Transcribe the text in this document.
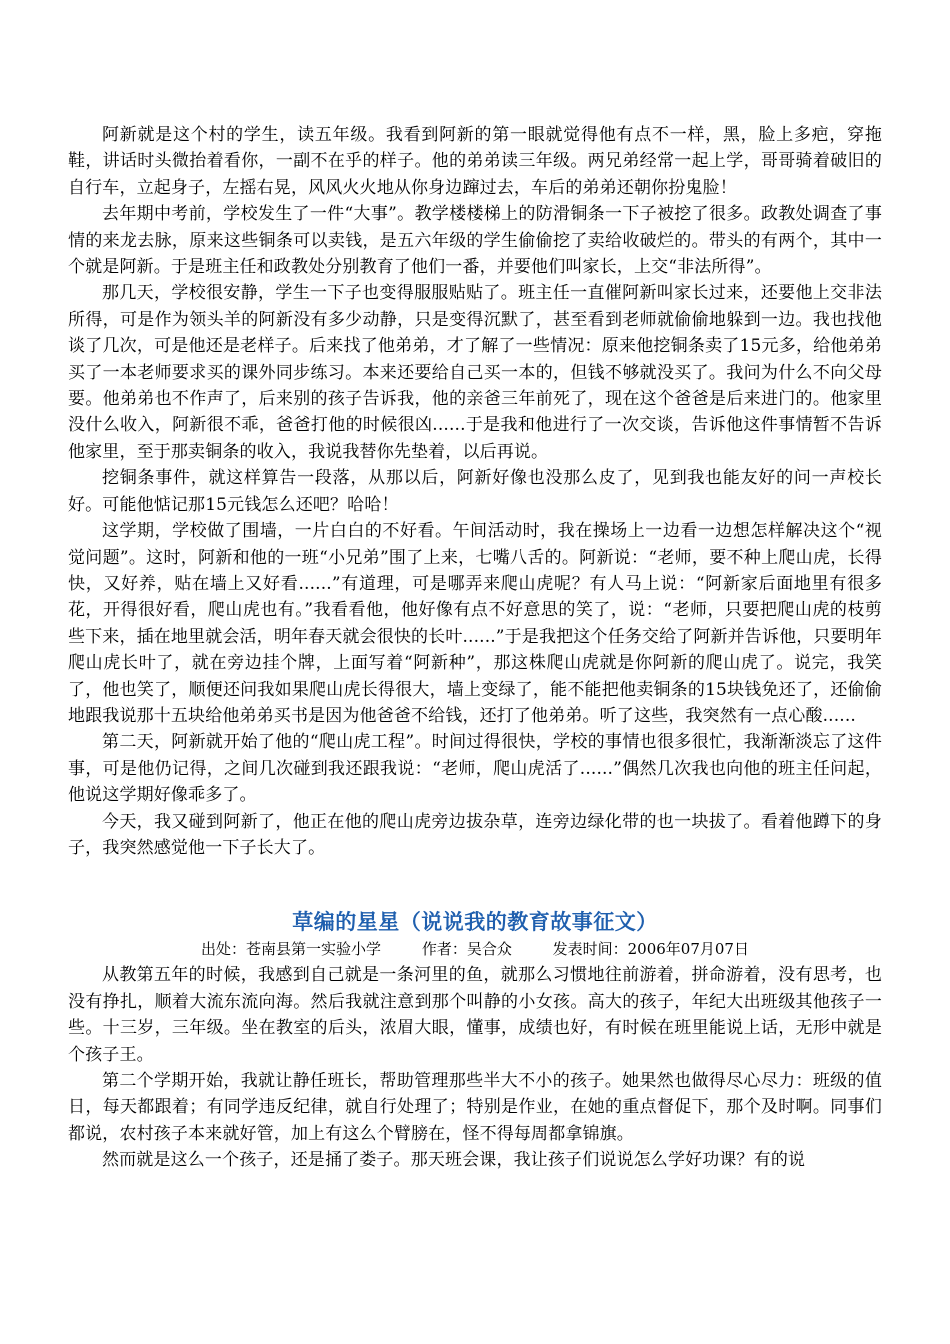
阿新就是这个村的学生，读五年级。我看到阿新的第一眼就觉得他有点不一样，黑，脸上多疤，穿拖鞋，讲话时头微抬着看你，一副不在乎的样子。他的弟弟读三年级。两兄弟经常一起上学，哥哥骑着破旧的自行车，立起身子，左摇右晃，风风火火地从你身边蹿过去，车后的弟弟还朝你扮鬼脸！

去年期中考前，学校发生了一件“大事”。教学楼楼梯上的防滑铜条一下子被挖了很多。政教处调查了事情的来龙去脉，原来这些铜条可以卖钱，是五六年级的学生偷偷挖了卖给收破烂的。带头的有两个，其中一个就是阿新。于是班主任和政教处分别教育了他们一番，并要他们叫家长，上交“非法所得”。

那几天，学校很安静，学生一下子也变得服服贴贴了。班主任一直催阿新叫家长过来，还要他上交非法所得，可是作为领头羊的阿新没有多少动静，只是变得沉默了，甚至看到老师就偷偷地躲到一边。我也找他谈了几次，可是他还是老样子。后来找了他弟弟，才了解了一些情况：原来他挖铜条卖了15元多，给他弟弟买了一本老师要求买的课外同步练习。本来还要给自己买一本的，但钱不够就没买了。我问为什么不向父母要。他弟弟也不作声了，后来别的孩子告诉我，他的亲爸三年前死了，现在这个爸爸是后来进门的。他家里没什么收入，阿新很不乖，爸爸打他的时候很凶......于是我和他进行了一次交谈，告诉他这件事情暂不告诉他家里，至于那卖铜条的收入，我说我替你先垫着，以后再说。

挖铜条事件，就这样算告一段落，从那以后，阿新好像也没那么皮了，见到我也能友好的问一声校长好。可能他惦记那15元钱怎么还吧？哈哈！

这学期，学校做了围墙，一片白白的不好看。午间活动时，我在操场上一边看一边想怎样解决这个“视觉问题”。这时，阿新和他的一班“小兄弟”围了上来，七嘴八舌的。阿新说：“老师，要不种上爬山虎，长得快，又好养，贴在墙上又好看......”有道理，可是哪弄来爬山虎呢？有人马上说：“阿新家后面地里有很多花，开得很好看，爬山虎也有。”我看看他，他好像有点不好意思的笑了，说：“老师，只要把爬山虎的枝剪些下来，插在地里就会活，明年春天就会很快的长叶......”于是我把这个任务交给了阿新并告诉他，只要明年爬山虎长叶了，就在旁边挂个牌，上面写着“阿新种”，那这株爬山虎就是你阿新的爬山虎了。说完，我笑了，他也笑了，顺便还问我如果爬山虎长得很大，墙上变绿了，能不能把他卖铜条的15块钱免还了，还偷偷地跟我说那十五块给他弟弟买书是因为他爸爸不给钱，还打了他弟弟。听了这些，我突然有一点心酸......

第二天，阿新就开始了他的“爬山虎工程”。时间过得很快，学校的事情也很多很忙，我渐渐淡忘了这件事，可是他仍记得，之间几次碰到我还跟我说：“老师，爬山虎活了......”偶然几次我也向他的班主任问起，他说这学期好像乖多了。

今天，我又碰到阿新了，他正在他的爬山虎旁边拔杂草，连旁边绿化带的也一块拔了。看着他蹲下的身子，我突然感觉他一下子长大了。

草编的星星（说说我的教育故事征文）

出处：苍南县第一实验小学	作者：吴合众	发表时间：2006年07月07日

从教第五年的时候，我感到自己就是一条河里的鱼，就那么习惯地往前游着，拼命游着，没有思考，也没有挣扎，顺着大流东流向海。然后我就注意到那个叫静的小女孩。高大的孩子，年纪大出班级其他孩子一些。十三岁，三年级。坐在教室的后头，浓眉大眼，懂事，成绩也好，有时候在班里能说上话，无形中就是个孩子王。

第二个学期开始，我就让静任班长，帮助管理那些半大不小的孩子。她果然也做得尽心尽力：班级的值日，每天都跟着；有同学违反纪律，就自行处理了；特别是作业，在她的重点督促下，那个及时啊。同事们都说，农村孩子本来就好管，加上有这么个臂膀在，怪不得每周都拿锦旗。

然而就是这么一个孩子，还是捅了娄子。那天班会课，我让孩子们说说怎么学好功课？有的说
